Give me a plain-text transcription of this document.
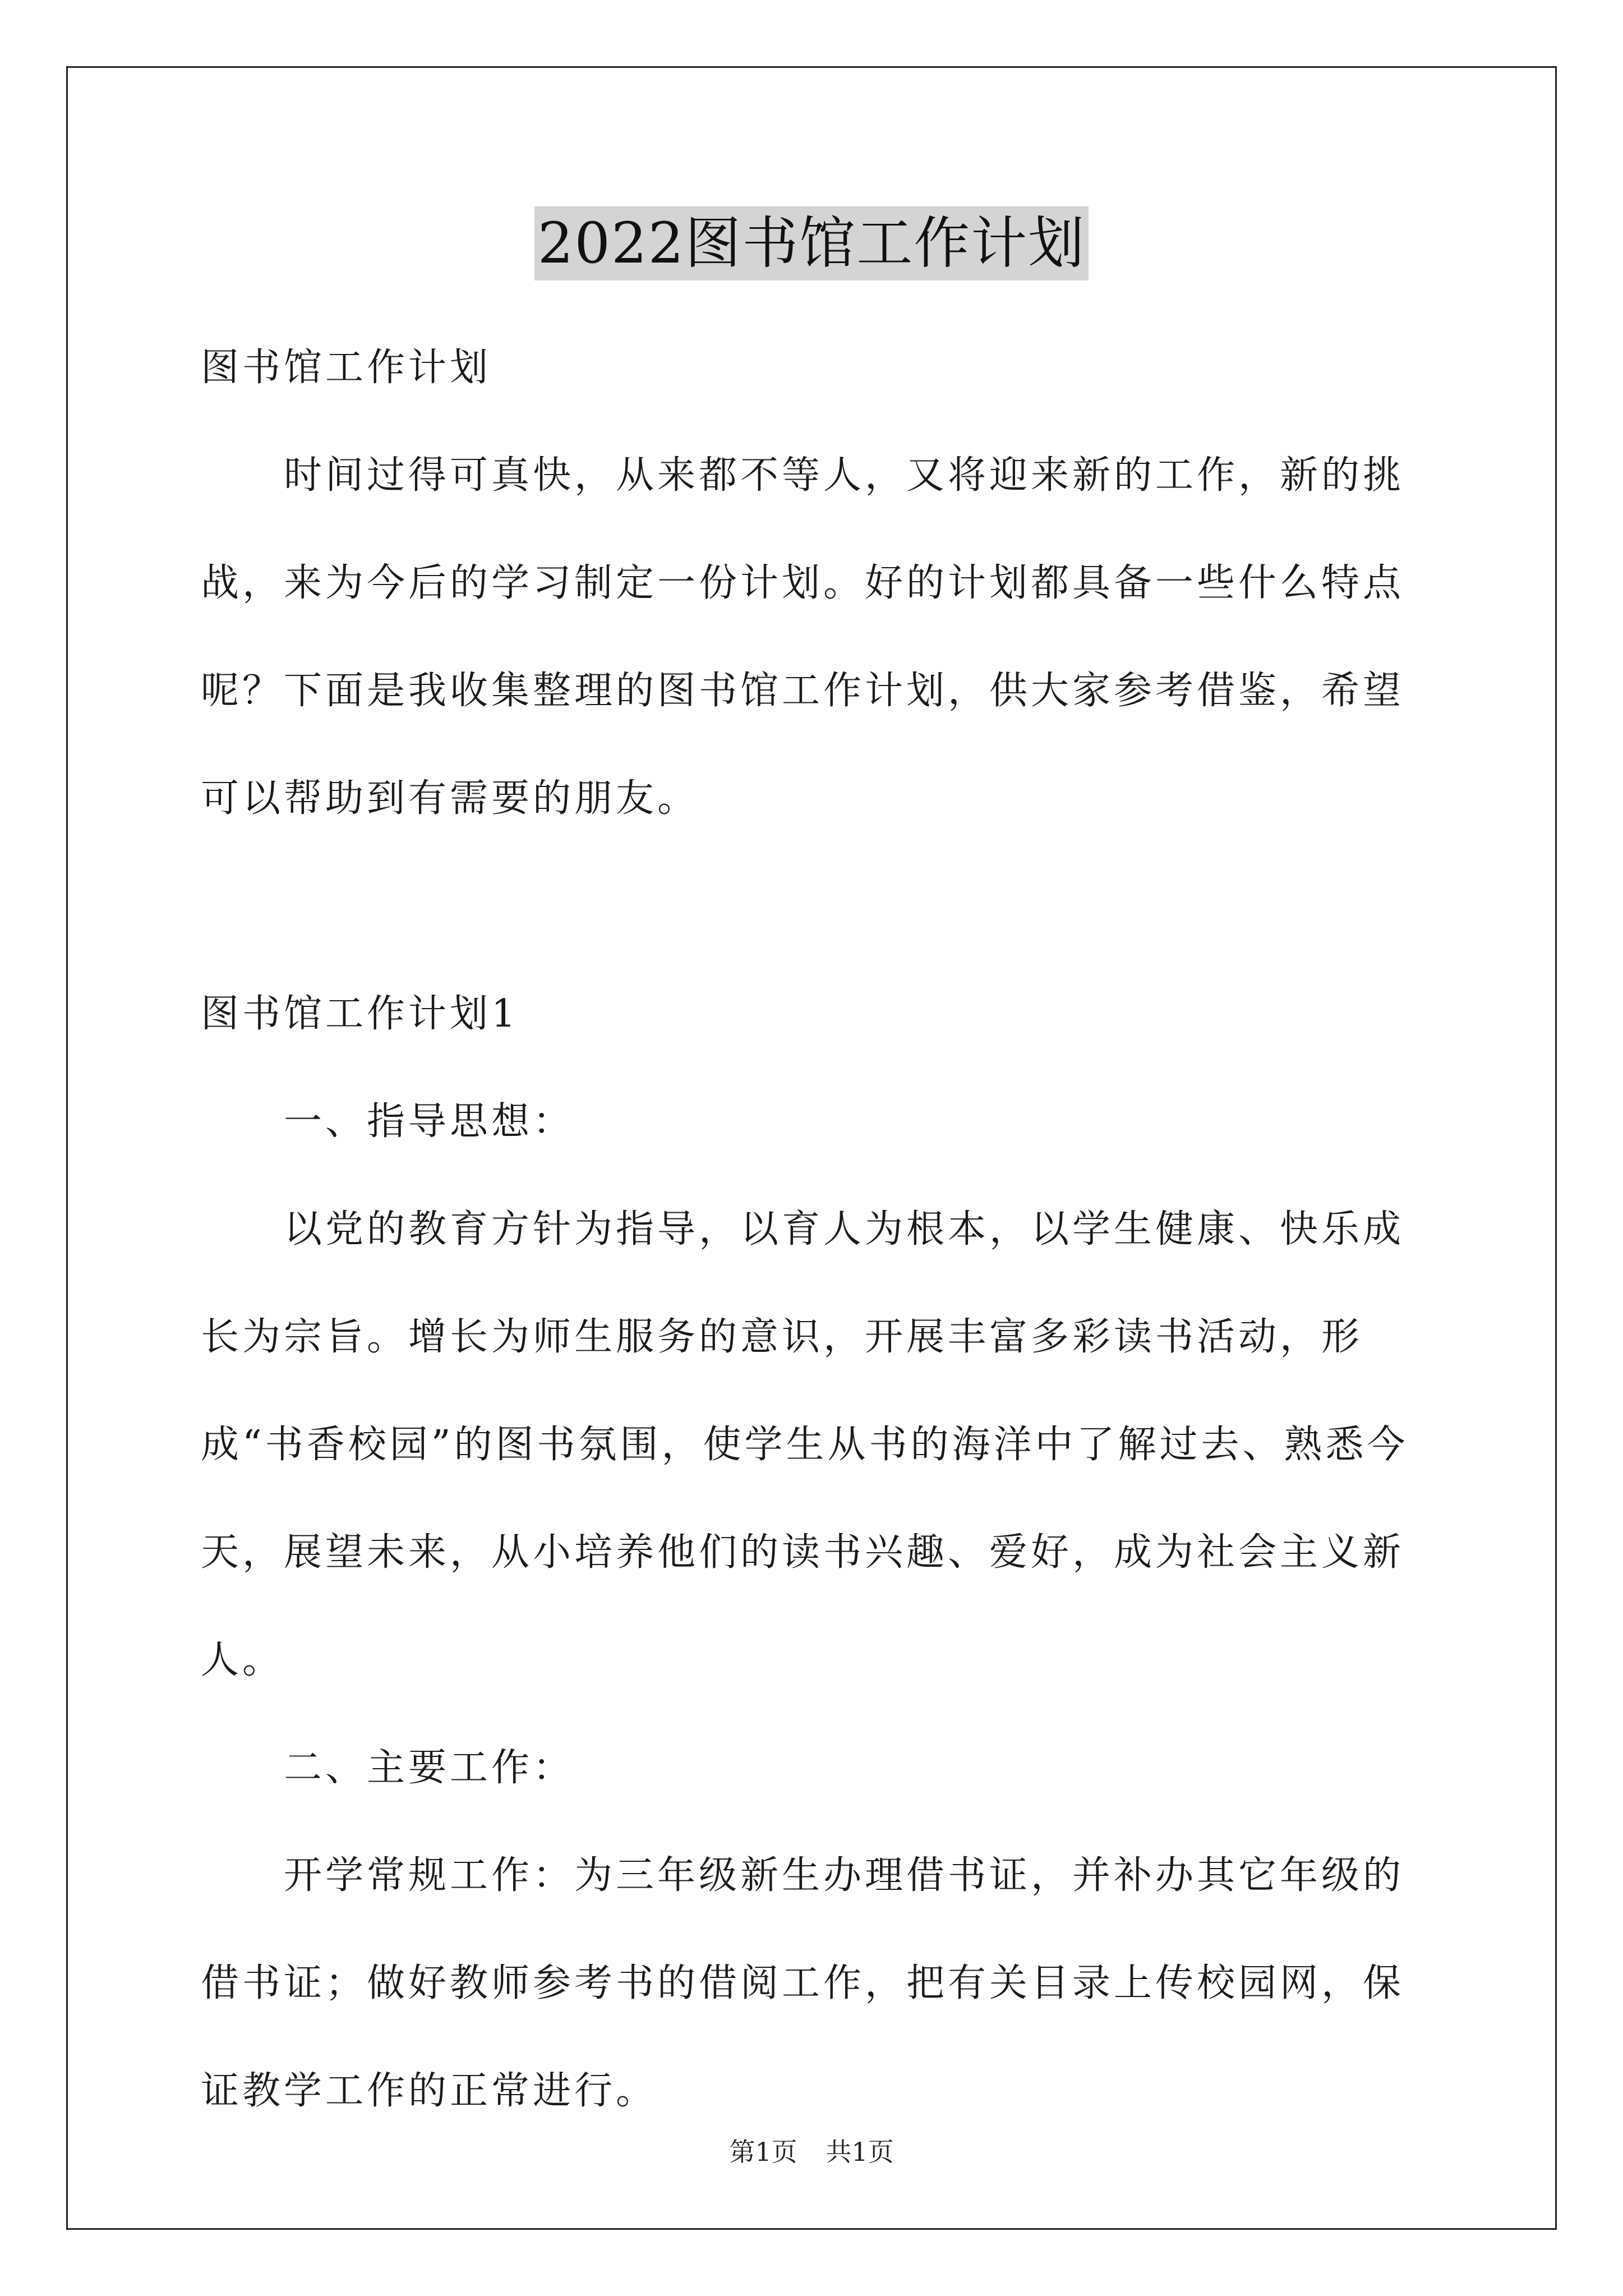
2022图书馆工作计划

图书馆工作计划

时间过得可真快，从来都不等人，又将迎来新的工作，新的挑战，来为今后的学习制定一份计划。好的计划都具备一些什么特点呢？下面是我收集整理的图书馆工作计划，供大家参考借鉴，希望可以帮助到有需要的朋友。

图书馆工作计划1

一、指导思想：

以党的教育方针为指导，以育人为根本，以学生健康、快乐成长为宗旨。增长为师生服务的意识，开展丰富多彩读书活动，形成“书香校园”的图书氛围，使学生从书的海洋中了解过去、熟悉今天，展望未来，从小培养他们的读书兴趣、爱好，成为社会主义新人。

二、主要工作：

开学常规工作：为三年级新生办理借书证，并补办其它年级的借书证；做好教师参考书的借阅工作，把有关目录上传校园网，保证教学工作的正常进行。

第1页 共1页
